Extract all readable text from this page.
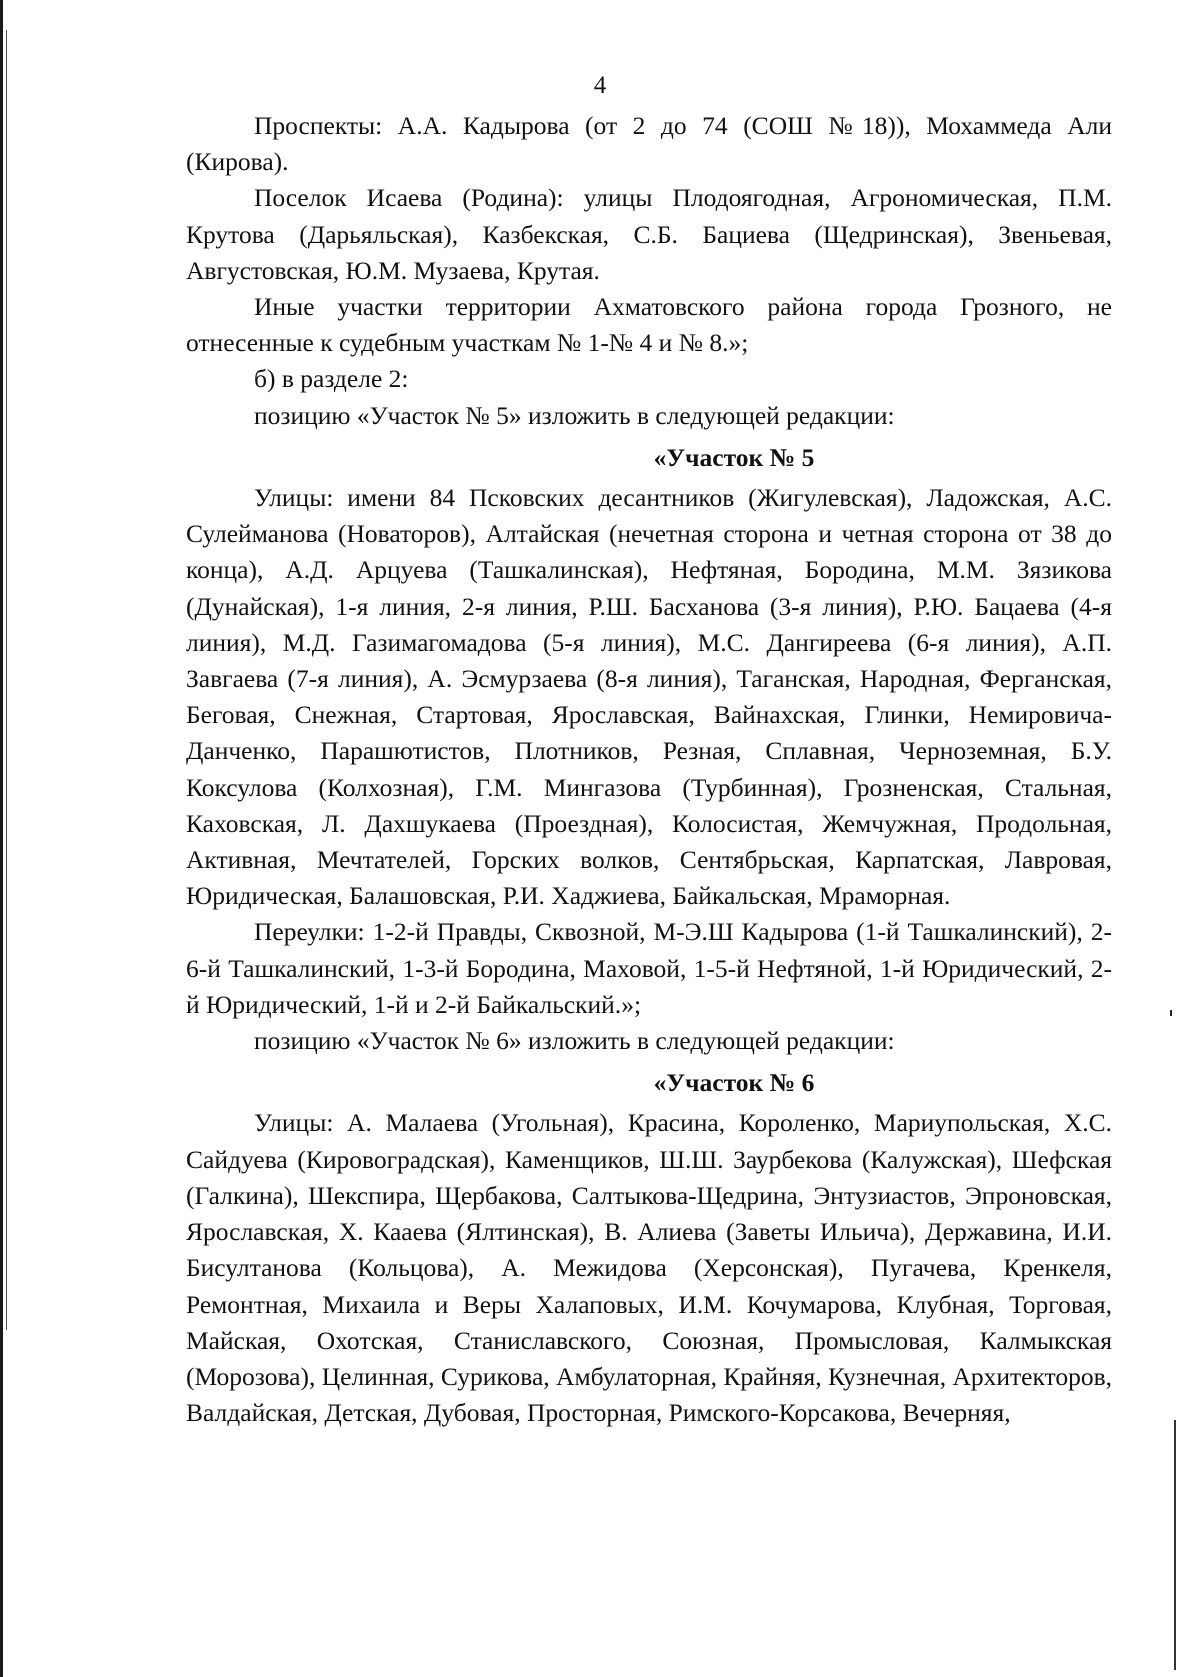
4

Проспекты: А.А. Кадырова (от 2 до 74 (СОШ №18)), Мохаммеда Али (Кирова).

Поселок Исаева (Родина): улицы Плодоягодная, Агрономическая, П.М. Крутова (Дарьяльская), Казбекская, С.Б. Бациева (Щедринская), Звеньевая, Августовская, Ю.М. Музаева, Крутая.

Иные участки территории Ахматовского района города Грозного, не отнесенные к судебным участкам № 1-№ 4 и № 8.»;

б) в разделе 2:

позицию «Участок № 5» изложить в следующей редакции:

«Участок № 5

Улицы: имени 84 Псковских десантников (Жигулевская), Ладожская, А.С. Сулейманова (Новаторов), Алтайская (нечетная сторона и четная сторона от 38 до конца), А.Д. Арцуева (Ташкалинская), Нефтяная, Бородина, М.М. Зязикова (Дунайская), 1-я линия, 2-я линия, Р.Ш. Басханова (3-я линия), Р.Ю. Бацаева (4-я линия), М.Д. Газимагомадова (5-я линия), М.С. Дангиреева (6-я линия), А.П. Завгаева (7-я линия), А. Эсмурзаева (8-я линия), Таганская, Народная, Ферганская, Беговая, Снежная, Стартовая, Ярославская, Вайнахская, Глинки, Немировича-Данченко, Парашютистов, Плотников, Резная, Сплавная, Черноземная, Б.У. Коксулова (Колхозная), Г.М. Мингазова (Турбинная), Грозненская, Стальная, Каховская, Л. Дахшукаева (Проездная), Колосистая, Жемчужная, Продольная, Активная, Мечтателей, Горских волков, Сентябрьская, Карпатская, Лавровая, Юридическая, Балашовская, Р.И. Хаджиева, Байкальская, Мраморная.

Переулки: 1-2-й Правды, Сквозной, М-Э.Ш Кадырова (1-й Ташкалинский), 2-6-й Ташкалинский, 1-3-й Бородина, Маховой, 1-5-й Нефтяной, 1-й Юридический, 2-й Юридический, 1-й и 2-й Байкальский.»;

позицию «Участок № 6» изложить в следующей редакции:

«Участок № 6

Улицы: А. Малаева (Угольная), Красина, Короленко, Мариупольская, Х.С. Сайдуева (Кировоградская), Каменщиков, Ш.Ш. Заурбекова (Калужская), Шефская (Галкина), Шекспира, Щербакова, Салтыкова-Щедрина, Энтузиастов, Эпроновская, Ярославская, Х. Кааева (Ялтинская), В. Алиева (Заветы Ильича), Державина, И.И. Бисултанова (Кольцова), А. Межидова (Херсонская), Пугачева, Кренкеля, Ремонтная, Михаила и Веры Халаповых, И.М. Кочумарова, Клубная, Торговая, Майская, Охотская, Станиславского, Союзная, Промысловая, Калмыкская (Морозова), Целинная, Сурикова, Амбулаторная, Крайняя, Кузнечная, Архитекторов, Валдайская, Детская, Дубовая, Просторная, Римского-Корсакова, Вечерняя,
